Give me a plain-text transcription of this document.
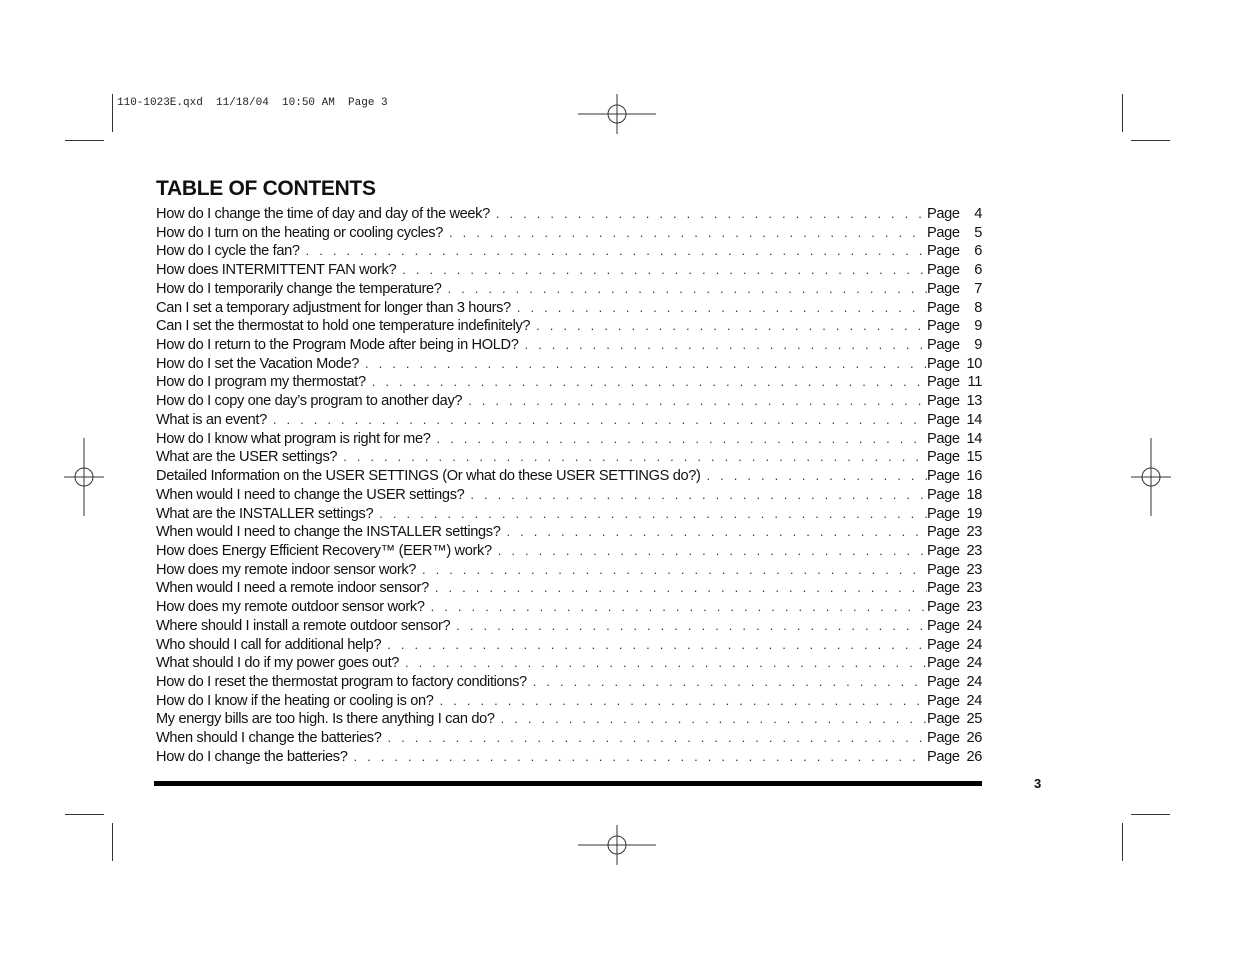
110-1023E.qxd  11/18/04  10:50 AM  Page 3
TABLE OF CONTENTS
How do I change the time of day and day of the week? . . .	Page 4
How do I turn on the heating or cooling cycles? . . .	Page 5
How do I cycle the fan? . . .	Page 6
How does INTERMITTENT FAN work? . . .	Page 6
How do I temporarily change the temperature? . . .	Page 7
Can I set a temporary adjustment for longer than 3 hours? . . .	Page 8
Can I set the thermostat to hold one temperature indefinitely? . . .	Page 9
How do I return to the Program Mode after being in HOLD? . . .	Page 9
How do I set the Vacation Mode? . . .	Page 10
How do I program my thermostat? . . .	Page 11
How do I copy one day’s program to another day? . . .	Page 13
What is an event? . . .	Page 14
How do I know what program is right for me? . . .	Page 14
What are the USER settings? . . .	Page 15
Detailed Information on the USER SETTINGS (Or what do these USER SETTINGS do?) . . .	Page 16
When would I need to change the USER settings? . . .	Page 18
What are the INSTALLER settings? . . .	Page 19
When would I need to change the INSTALLER settings? . . .	Page 23
How does Energy Efficient Recovery™ (EER™) work? . . .	Page 23
How does my remote indoor sensor work? . . .	Page 23
When would I need a remote indoor sensor? . . .	Page 23
How does my remote outdoor sensor work? . . .	Page 23
Where should I install a remote outdoor sensor? . . .	Page 24
Who should I call for additional help? . . .	Page 24
What should I do if my power goes out? . . .	Page 24
How do I reset the thermostat program to factory conditions? . . .	Page 24
How do I know if the heating or cooling is on? . . .	Page 24
My energy bills are too high. Is there anything I can do? . . .	Page 25
When should I change the batteries? . . .	Page 26
How do I change the batteries? . . .	Page 26
3
